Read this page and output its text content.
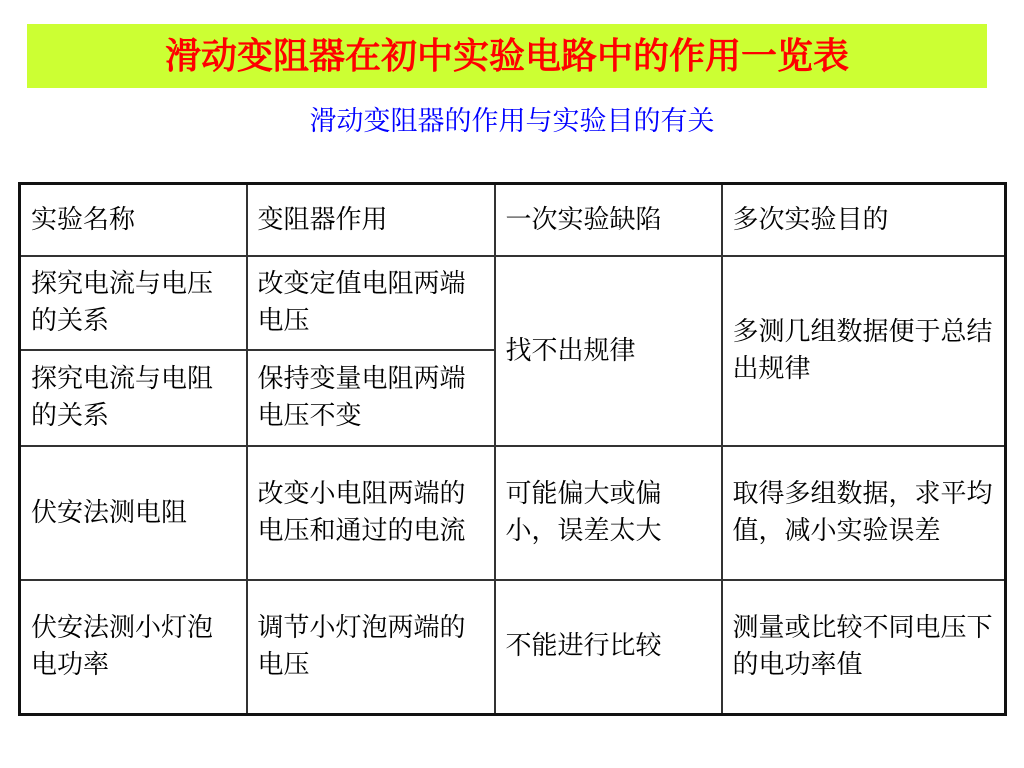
滑动变阻器在初中实验电路中的作用一览表
滑动变阻器的作用与实验目的有关
实验名称	变阻器作用	一次实验缺陷	多次实验目的
探究电流与电压的关系	改变定值电阻两端电压	找不出规律	多测几组数据便于总结出规律
探究电流与电阻的关系	保持变量电阻两端电压不变		
伏安法测电阻	改变小电阻两端的电压和通过的电流	可能偏大或偏小，误差太大	取得多组数据，求平均值，减小实验误差
伏安法测小灯泡电功率	调节小灯泡两端的电压	不能进行比较	测量或比较不同电压下的电功率值
